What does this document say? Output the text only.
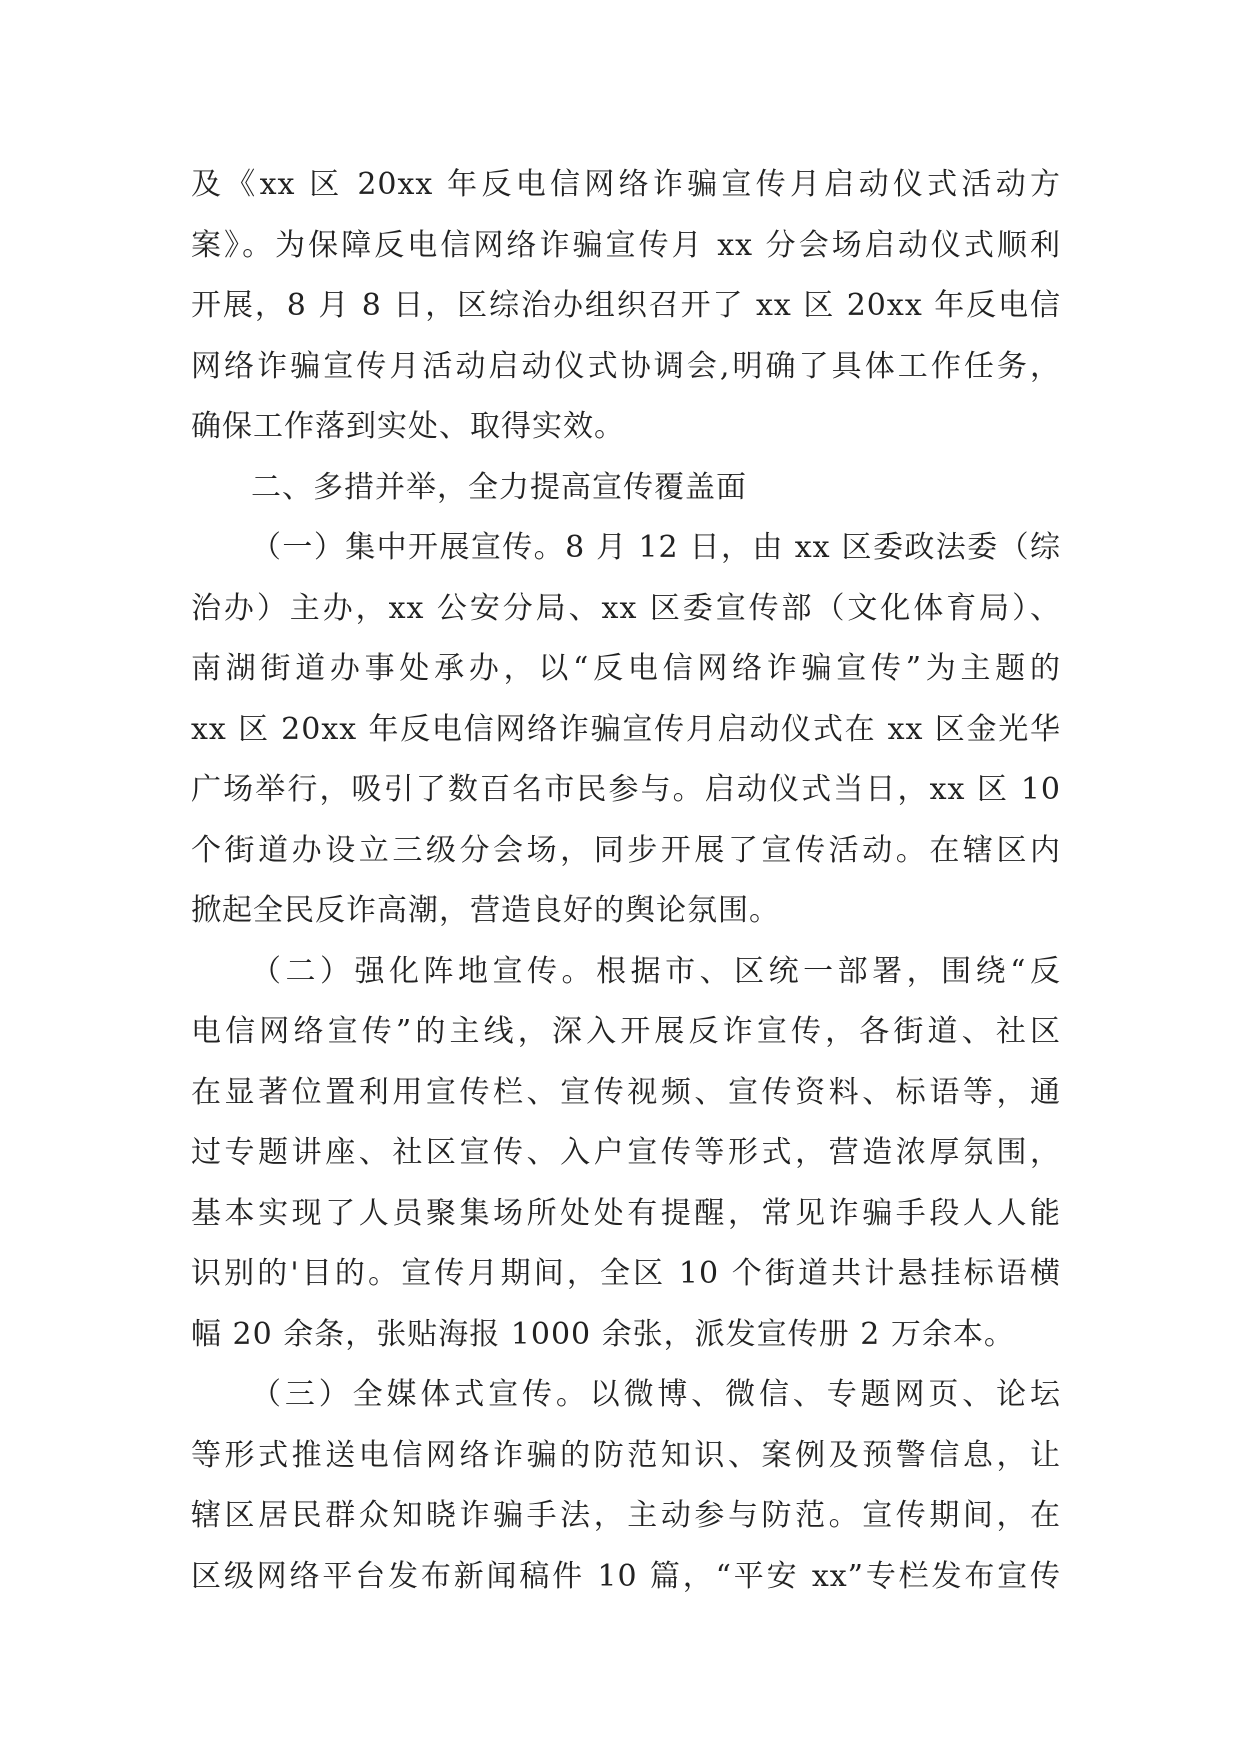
及《xx 区 20xx 年反电信网络诈骗宣传月启动仪式活动方
案》。为保障反电信网络诈骗宣传月 xx 分会场启动仪式顺利
开展，8 月 8 日，区综治办组织召开了 xx 区 20xx 年反电信
网络诈骗宣传月活动启动仪式协调会,明确了具体工作任务，
确保工作落到实处、取得实效。
二、多措并举，全力提高宣传覆盖面
（一）集中开展宣传。8 月 12 日，由 xx 区委政法委（综
治办）主办，xx 公安分局、xx 区委宣传部（文化体育局）、
南湖街道办事处承办，以“反电信网络诈骗宣传”为主题的
xx 区 20xx 年反电信网络诈骗宣传月启动仪式在 xx 区金光华
广场举行，吸引了数百名市民参与。启动仪式当日，xx 区 10
个街道办设立三级分会场，同步开展了宣传活动。在辖区内
掀起全民反诈高潮，营造良好的舆论氛围。
（二）强化阵地宣传。根据市、区统一部署，围绕“反
电信网络宣传”的主线，深入开展反诈宣传，各街道、社区
在显著位置利用宣传栏、宣传视频、宣传资料、标语等，通
过专题讲座、社区宣传、入户宣传等形式，营造浓厚氛围，
基本实现了人员聚集场所处处有提醒，常见诈骗手段人人能
识别的'目的。宣传月期间，全区 10 个街道共计悬挂标语横
幅 20 余条，张贴海报 1000 余张，派发宣传册 2 万余本。
（三）全媒体式宣传。以微博、微信、专题网页、论坛
等形式推送电信网络诈骗的防范知识、案例及预警信息，让
辖区居民群众知晓诈骗手法，主动参与防范。宣传期间，在
区级网络平台发布新闻稿件 10 篇，“平安 xx”专栏发布宣传
